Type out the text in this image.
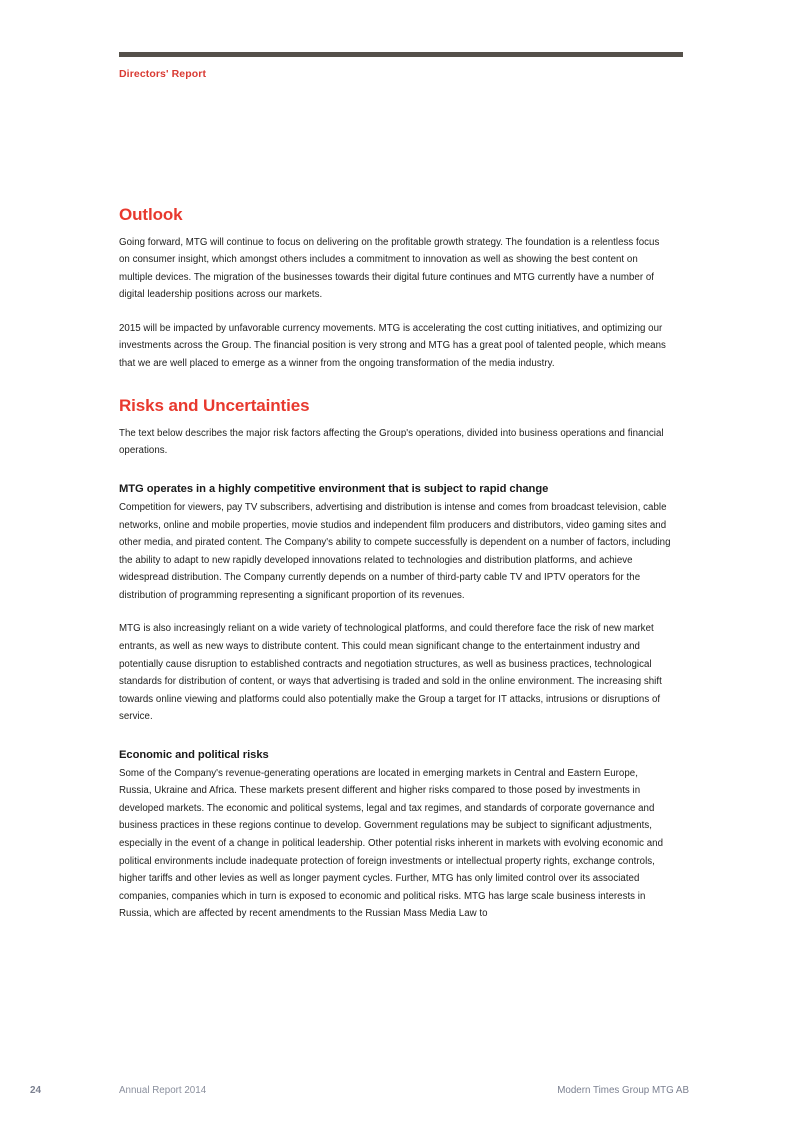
Directors' Report
Outlook

Going forward, MTG will continue to focus on delivering on the profitable growth strategy. The foundation is a relentless focus on consumer insight, which amongst others includes a commitment to innovation as well as showing the best content on multiple devices. The migration of the businesses towards their digital future continues and MTG currently have a number of digital leadership positions across our markets.

2015 will be impacted by unfavorable currency movements. MTG is accelerating the cost cutting initiatives, and optimizing our investments across the Group. The financial position is very strong and MTG has a great pool of talented people, which means that we are well placed to emerge as a winner from the ongoing transformation of the media industry.

Risks and Uncertainties

The text below describes the major risk factors affecting the Group's operations, divided into business operations and financial operations.

MTG operates in a highly competitive environment that is subject to rapid change

Competition for viewers, pay TV subscribers, advertising and distribution is intense and comes from broadcast television, cable networks, online and mobile properties, movie studios and independent film producers and distributors, video gaming sites and other media, and pirated content. The Company's ability to compete successfully is dependent on a number of factors, including the ability to adapt to new rapidly developed innovations related to technologies and distribution platforms, and achieve widespread distribution. The Company currently depends on a number of third-party cable TV and IPTV operators for the distribution of programming representing a significant proportion of its revenues.

MTG is also increasingly reliant on a wide variety of technological platforms, and could therefore face the risk of new market entrants, as well as new ways to distribute content. This could mean significant change to the entertainment industry and potentially cause disruption to established contracts and negotiation structures, as well as business practices, technological standards for distribution of content, or ways that advertising is traded and sold in the online environment. The increasing shift towards online viewing and platforms could also potentially make the Group a target for IT attacks, intrusions or disruptions of service.

Economic and political risks

Some of the Company's revenue-generating operations are located in emerging markets in Central and Eastern Europe, Russia, Ukraine and Africa. These markets present different and higher risks compared to those posed by investments in developed markets. The economic and political systems, legal and tax regimes, and standards of corporate governance and business practices in these regions continue to develop. Government regulations may be subject to significant adjustments, especially in the event of a change in political leadership. Other potential risks inherent in markets with evolving economic and political environments include inadequate protection of foreign investments or intellectual property rights, exchange controls, higher tariffs and other levies as well as longer payment cycles. Further, MTG has only limited control over its associated companies, companies which in turn is exposed to economic and political risks. MTG has large scale business interests in Russia, which are affected by recent amendments to the Russian Mass Media Law to

24	Annual Report 2014	Modern Times Group MTG AB
